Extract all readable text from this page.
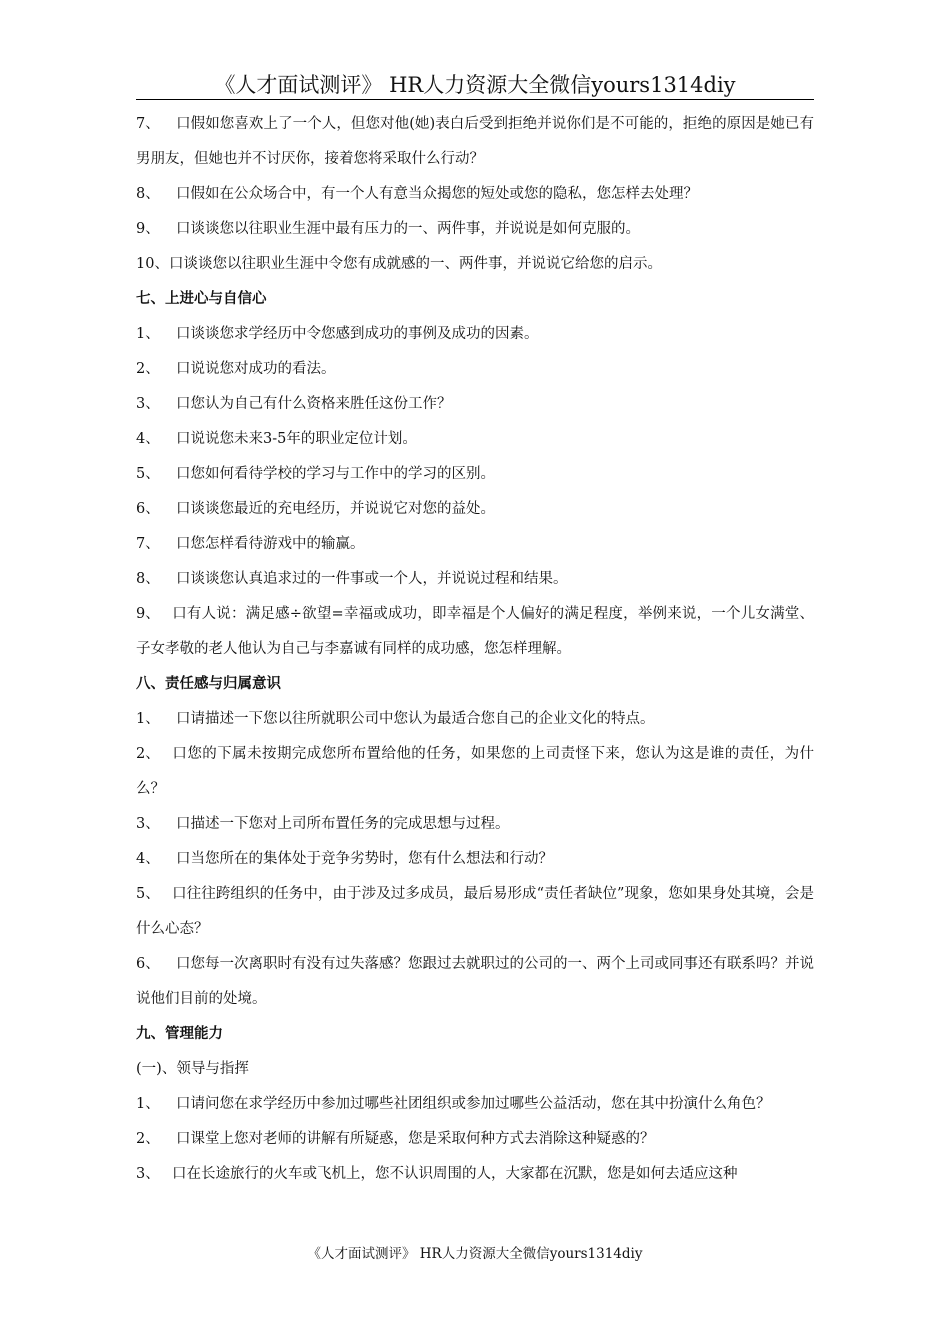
《人才面试测评》 HR人力资源大全微信yours1314diy

7、 口假如您喜欢上了一个人，但您对他(她)表白后受到拒绝并说你们是不可能的，拒绝的原因是她已有男朋友，但她也并不讨厌你，接着您将采取什么行动？

8、 口假如在公众场合中，有一个人有意当众揭您的短处或您的隐私，您怎样去处理？

9、 口谈谈您以往职业生涯中最有压力的一、两件事，并说说是如何克服的。

10、口谈谈您以往职业生涯中令您有成就感的一、两件事，并说说它给您的启示。

七、上进心与自信心

1、 口谈谈您求学经历中令您感到成功的事例及成功的因素。

2、 口说说您对成功的看法。

3、 口您认为自己有什么资格来胜任这份工作？

4、 口说说您未来3-5年的职业定位计划。

5、 口您如何看待学校的学习与工作中的学习的区别。

6、 口谈谈您最近的充电经历，并说说它对您的益处。

7、 口您怎样看待游戏中的输赢。

8、 口谈谈您认真追求过的一件事或一个人，并说说过程和结果。

9、 口有人说：满足感÷欲望=幸福或成功，即幸福是个人偏好的满足程度，举例来说，一个儿女满堂、子女孝敬的老人他认为自己与李嘉诚有同样的成功感，您怎样理解。

八、责任感与归属意识

1、 口请描述一下您以往所就职公司中您认为最适合您自己的企业文化的特点。

2、 口您的下属未按期完成您所布置给他的任务，如果您的上司责怪下来，您认为这是谁的责任，为什么？

3、 口描述一下您对上司所布置任务的完成思想与过程。

4、 口当您所在的集体处于竞争劣势时，您有什么想法和行动？

5、 口往往跨组织的任务中，由于涉及过多成员，最后易形成“责任者缺位”现象，您如果身处其境，会是什么心态？

6、 口您每一次离职时有没有过失落感？您跟过去就职过的公司的一、两个上司或同事还有联系吗？并说说他们目前的处境。

九、管理能力

(一)、领导与指挥

1、 口请问您在求学经历中参加过哪些社团组织或参加过哪些公益活动，您在其中扮演什么角色？

2、 口课堂上您对老师的讲解有所疑惑，您是采取何种方式去消除这种疑惑的？

3、 口在长途旅行的火车或飞机上，您不认识周围的人，大家都在沉默，您是如何去适应这种

《人才面试测评》 HR人力资源大全微信yours1314diy
